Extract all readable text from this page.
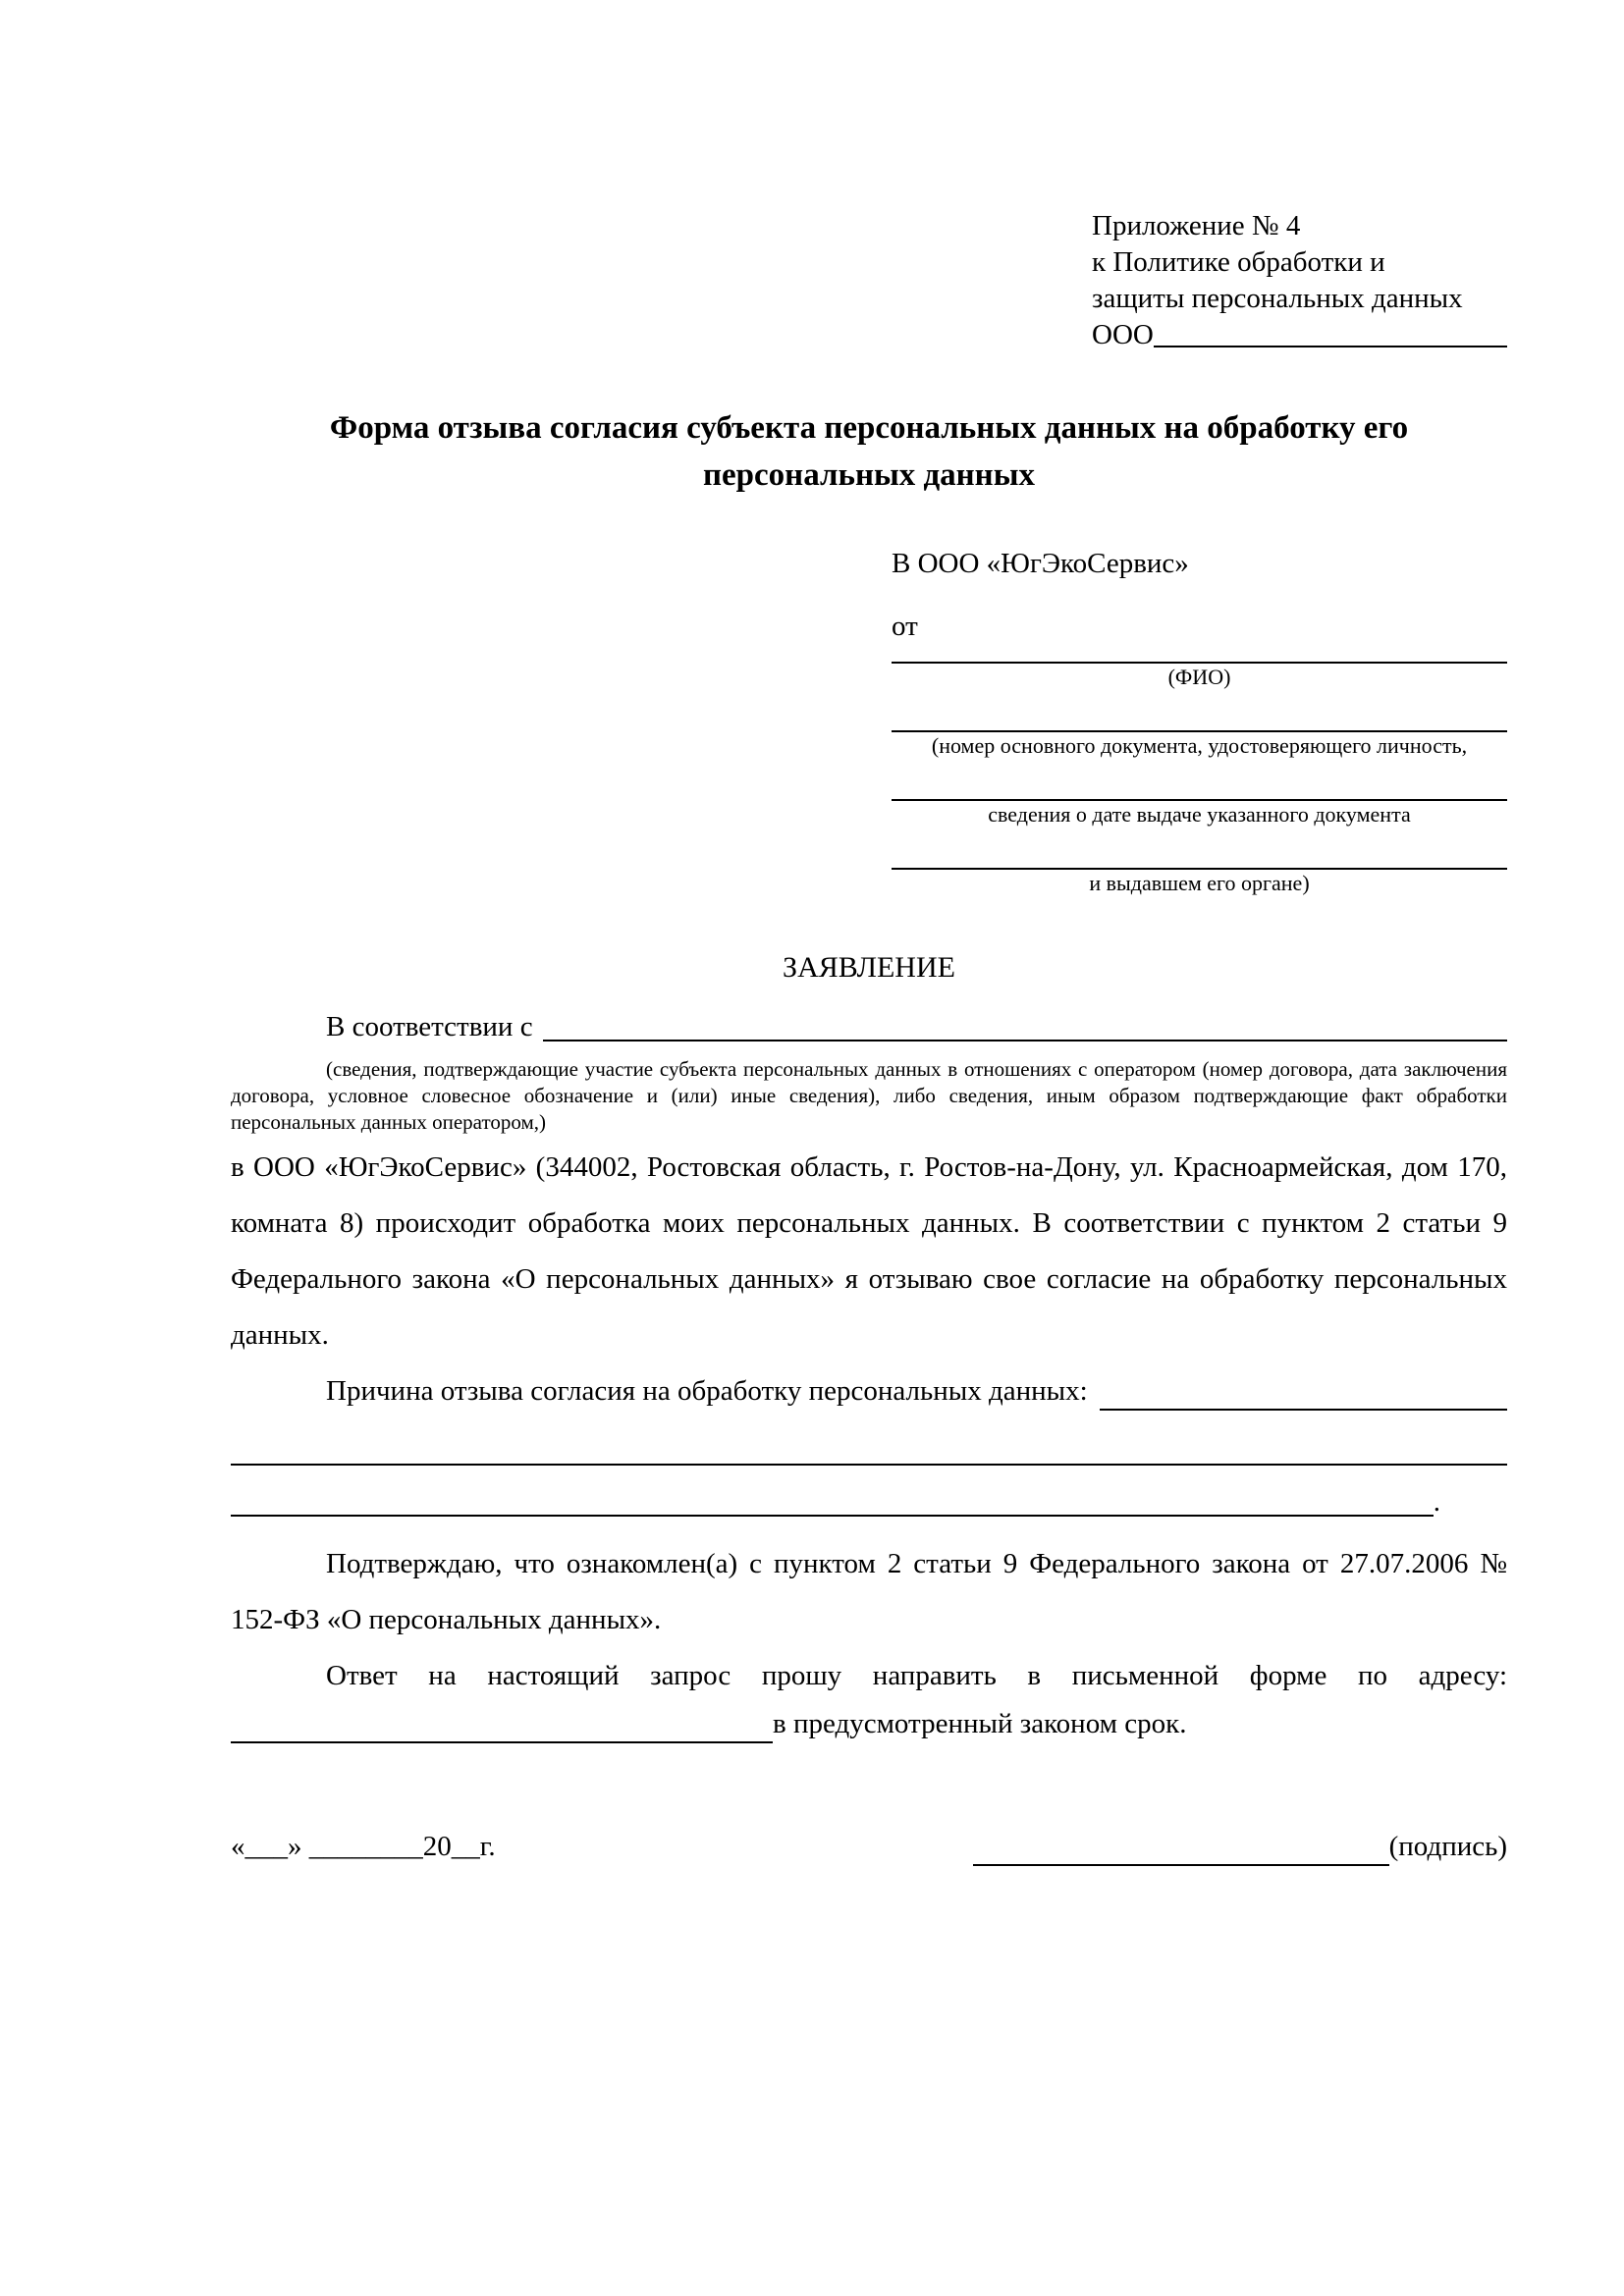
Приложение № 4
к Политике обработки и
защиты персональных данных
ООО
Форма отзыва согласия субъекта персональных данных на обработку его персональных данных
В ООО «ЮгЭкоСервис»
от
(ФИО)
(номер основного документа, удостоверяющего личность,
сведения о дате выдаче указанного документа
и выдавшем его органе)
ЗАЯВЛЕНИЕ
В соответствии с
(сведения, подтверждающие участие субъекта персональных данных в отношениях с оператором (номер договора, дата заключения договора, условное словесное обозначение и (или) иные сведения), либо сведения, иным образом подтверждающие факт обработки персональных данных оператором,)

в ООО «ЮгЭкоСервис» (344002, Ростовская область, г. Ростов-на-Дону, ул. Красноармейская, дом 170, комната 8) происходит обработка моих персональных данных. В соответствии с пунктом 2 статьи 9 Федерального закона «О персональных данных» я отзываю свое согласие на обработку персональных данных.

Причина отзыва согласия на обработку персональных данных:
.

Подтверждаю, что ознакомлен(а) с пунктом 2 статьи 9 Федерального закона от 27.07.2006 № 152-ФЗ «О персональных данных».

Ответ на настоящий запрос прошу направить в письменной форме по адресу:

в предусмотренный законом срок.
«___» ________20__г.	(подпись)
